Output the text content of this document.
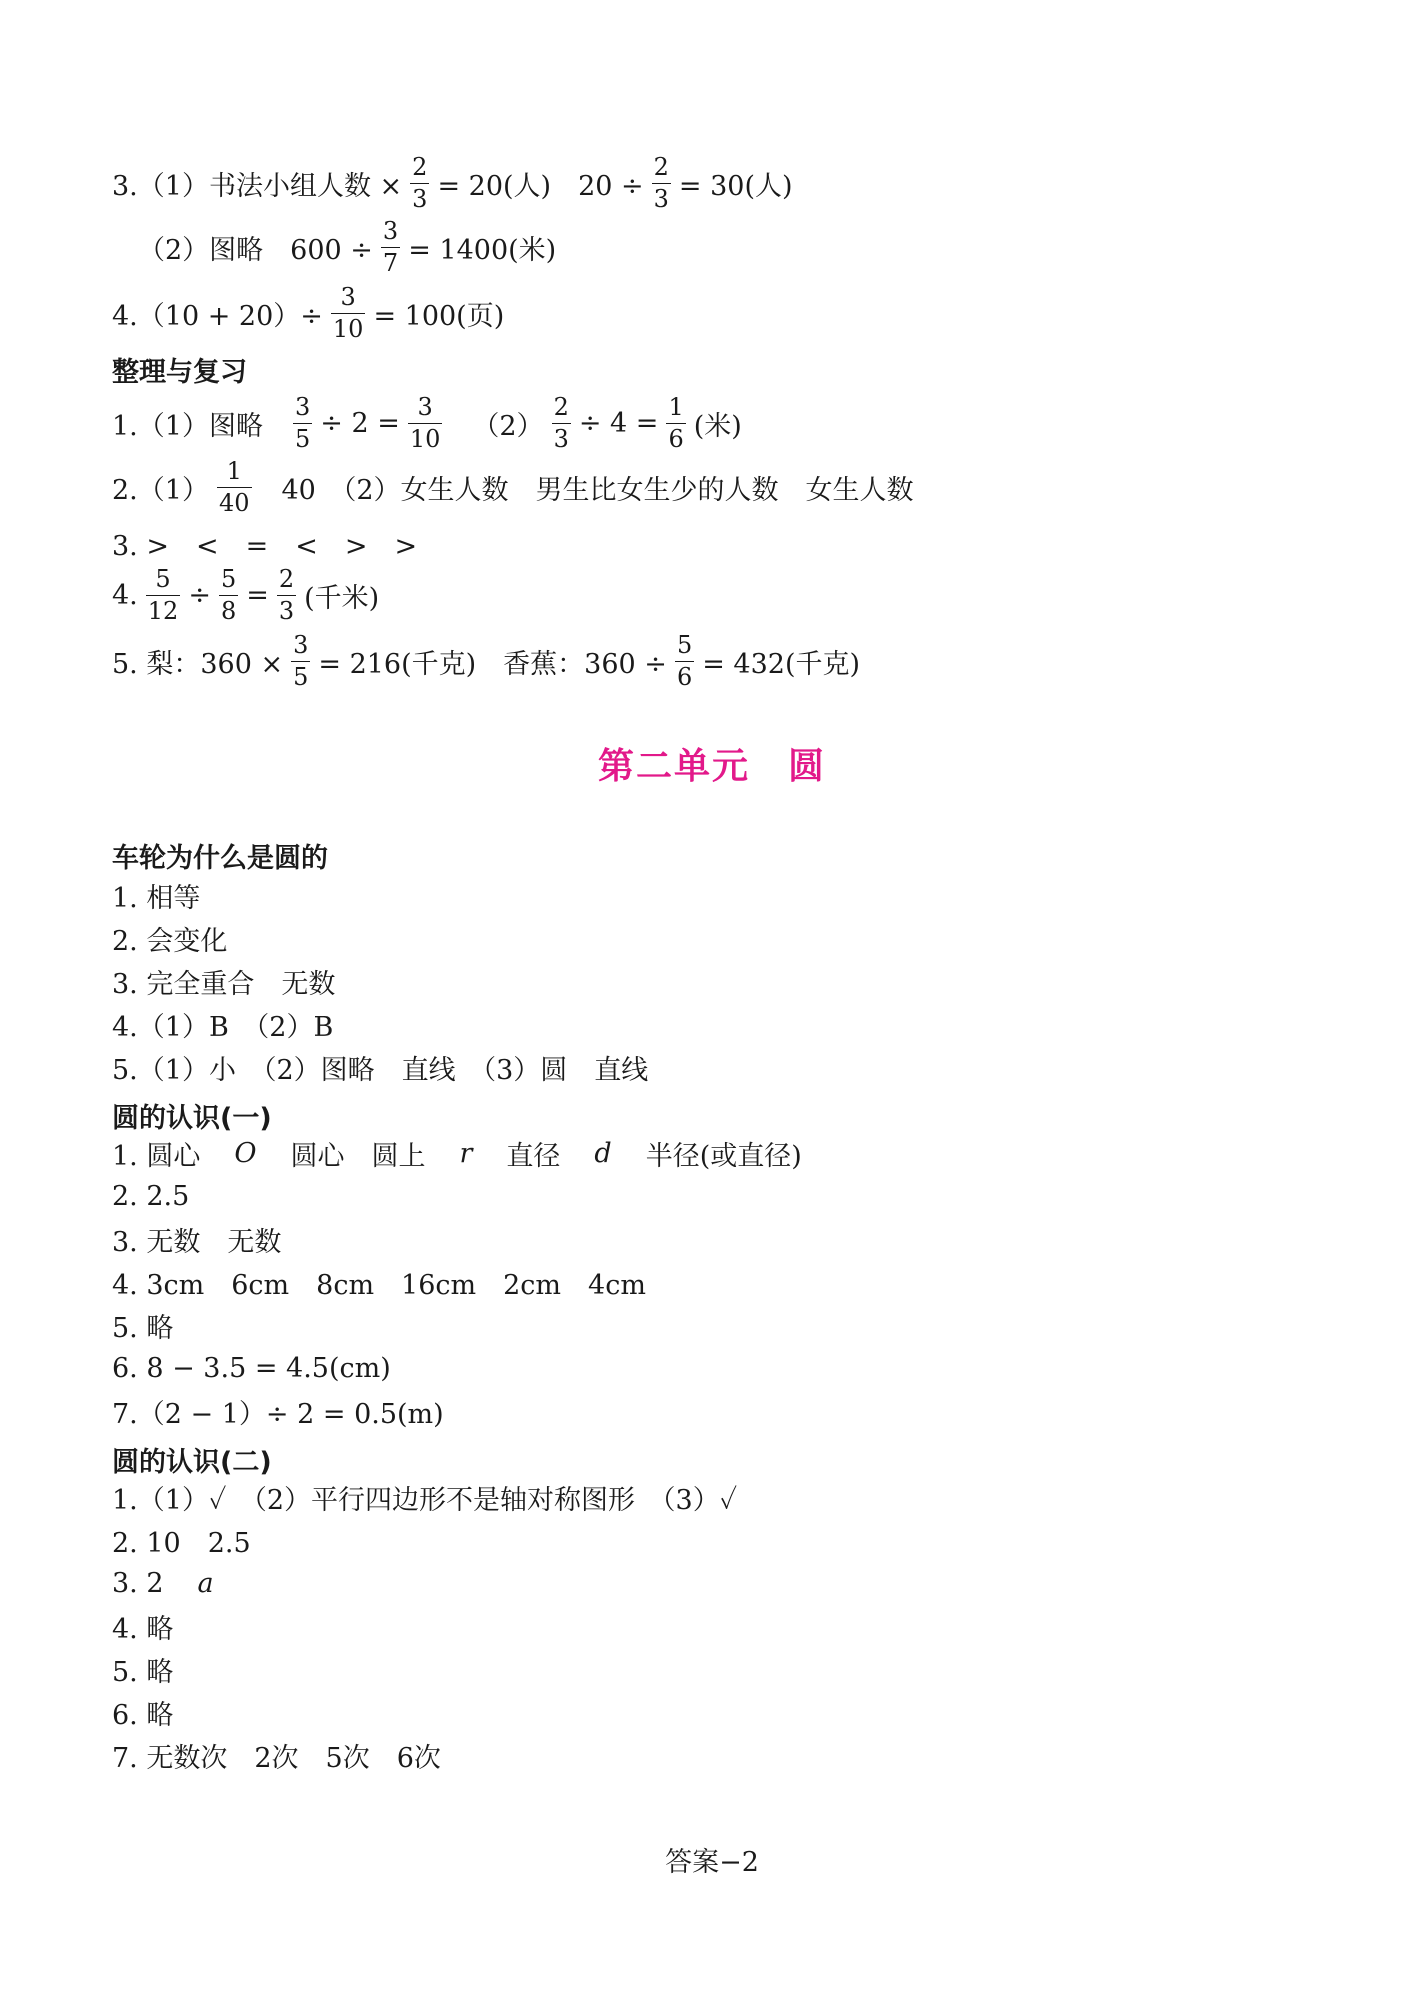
3.（1）书法小组人数 × $\frac{2}{3} = 20$(人)　$20 \div \frac{2}{3} = 30$(人)
（2）图略　$600 \div \frac{3}{7} = 1400$(米)
$4.(10 + 20)\div \frac{3}{10} = 100$(页)
整理与复习
1.（1）图略 $\frac{3}{5} \div 2 = \frac{3}{10} (2) \frac{2}{3} \div 4 = \frac{1}{6}$ (米)
$2.(1) \frac{1}{40} 40$　（2）女生人数　男生比女生少的人数　女生人数
3. >　<　=　<　>　>
4. $\frac{5}{12} \div \frac{5}{8} = \frac{2}{3}$ (千米)
5. 梨：$360 \times \frac{3}{5} = 216$(千克)　香蕉：$360 \div \frac{5}{6} = 432$(千克)
第二单元　圆
车轮为什么是圆的
1. 相等
2. 会变化
3. 完全重合　无数
4.（1）B　（2）B
5.（1）小　（2）图略　直线　（3）圆　直线
圆的认识(一)
1. 圆心 O 圆心　圆上 r 直径 d 半径(或直径)
2. 2.5
3. 无数　无数
4. 3cm　6cm　8cm　16cm　2cm　4cm
5. 略
6. 8 − 3.5 = 4.5(cm)
7.（2 − 1）÷ 2 = 0.5(m)
圆的认识(二)
1.（1）✓　（2）平行四边形不是轴对称图形　（3）✓
2. 10　2.5
3. 2 a
4. 略
5. 略
6. 略
7. 无数次　2次　5次　6次
答案−2
